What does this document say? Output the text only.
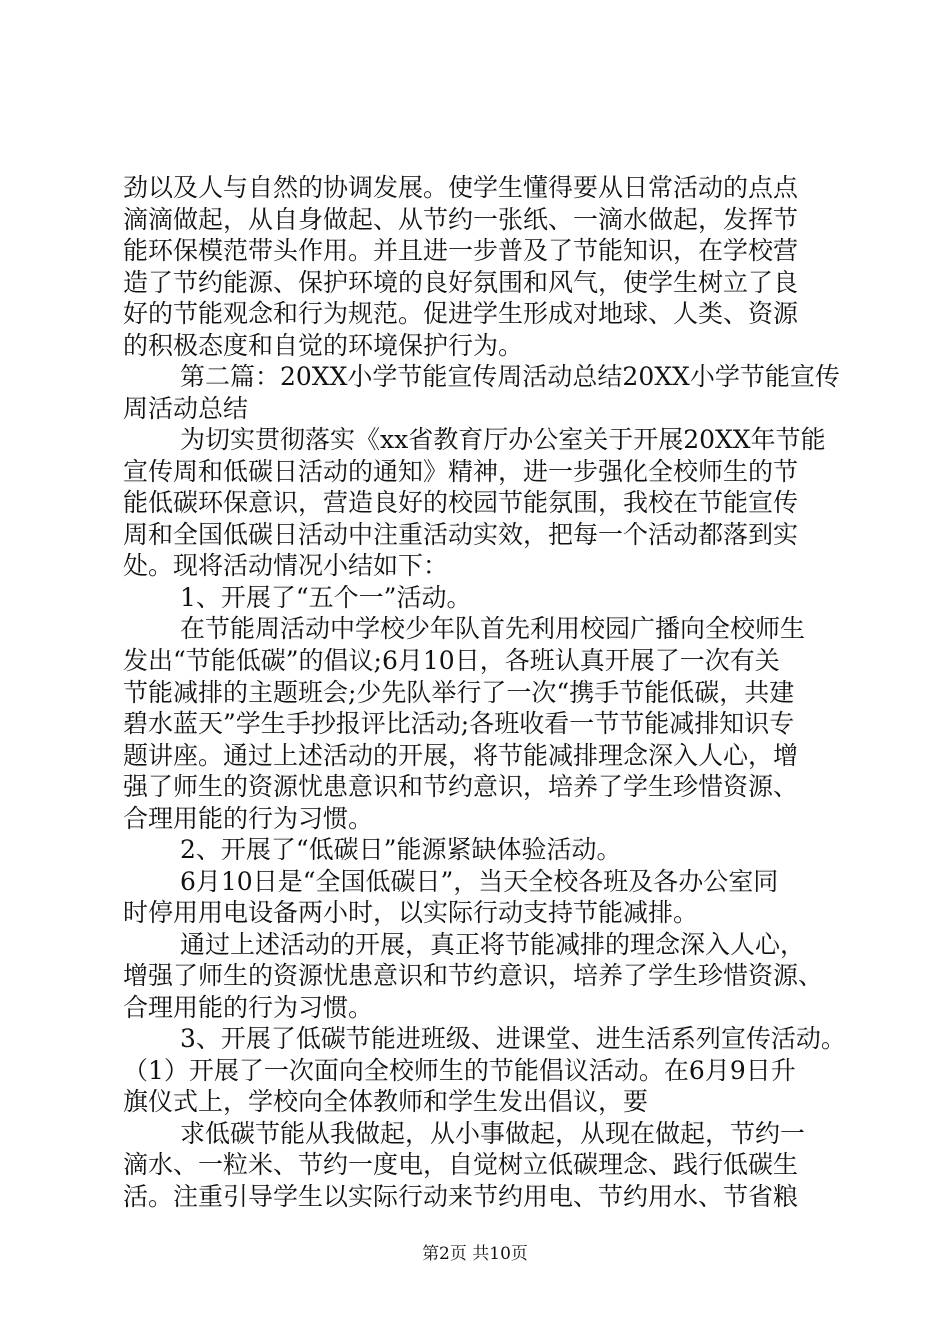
劲以及人与自然的协调发展。使学生懂得要从日常活动的点点
滴滴做起，从自身做起、从节约一张纸、一滴水做起，发挥节
能环保模范带头作用。并且进一步普及了节能知识，在学校营
造了节约能源、保护环境的良好氛围和风气，使学生树立了良
好的节能观念和行为规范。促进学生形成对地球、人类、资源
的积极态度和自觉的环境保护行为。
第二篇：20XX小学节能宣传周活动总结20XX小学节能宣传
周活动总结
为切实贯彻落实《xx省教育厅办公室关于开展20XX年节能
宣传周和低碳日活动的通知》精神，进一步强化全校师生的节
能低碳环保意识，营造良好的校园节能氛围，我校在节能宣传
周和全国低碳日活动中注重活动实效，把每一个活动都落到实
处。现将活动情况小结如下：
1、开展了“五个一”活动。
在节能周活动中学校少年队首先利用校园广播向全校师生
发出“节能低碳”的倡议;6月10日，各班认真开展了一次有关
节能减排的主题班会;少先队举行了一次“携手节能低碳，共建
碧水蓝天”学生手抄报评比活动;各班收看一节节能减排知识专
题讲座。通过上述活动的开展，将节能减排理念深入人心，增
强了师生的资源忧患意识和节约意识，培养了学生珍惜资源、
合理用能的行为习惯。
2、开展了“低碳日”能源紧缺体验活动。
6月10日是“全国低碳日”，当天全校各班及各办公室同
时停用用电设备两小时，以实际行动支持节能减排。
通过上述活动的开展，真正将节能减排的理念深入人心，
增强了师生的资源忧患意识和节约意识，培养了学生珍惜资源、
合理用能的行为习惯。
3、开展了低碳节能进班级、进课堂、进生活系列宣传活动。
（1）开展了一次面向全校师生的节能倡议活动。在6月9日升
旗仪式上，学校向全体教师和学生发出倡议，要
求低碳节能从我做起，从小事做起，从现在做起，节约一
滴水、一粒米、节约一度电，自觉树立低碳理念、践行低碳生
活。注重引导学生以实际行动来节约用电、节约用水、节省粮
第2页 共10页
